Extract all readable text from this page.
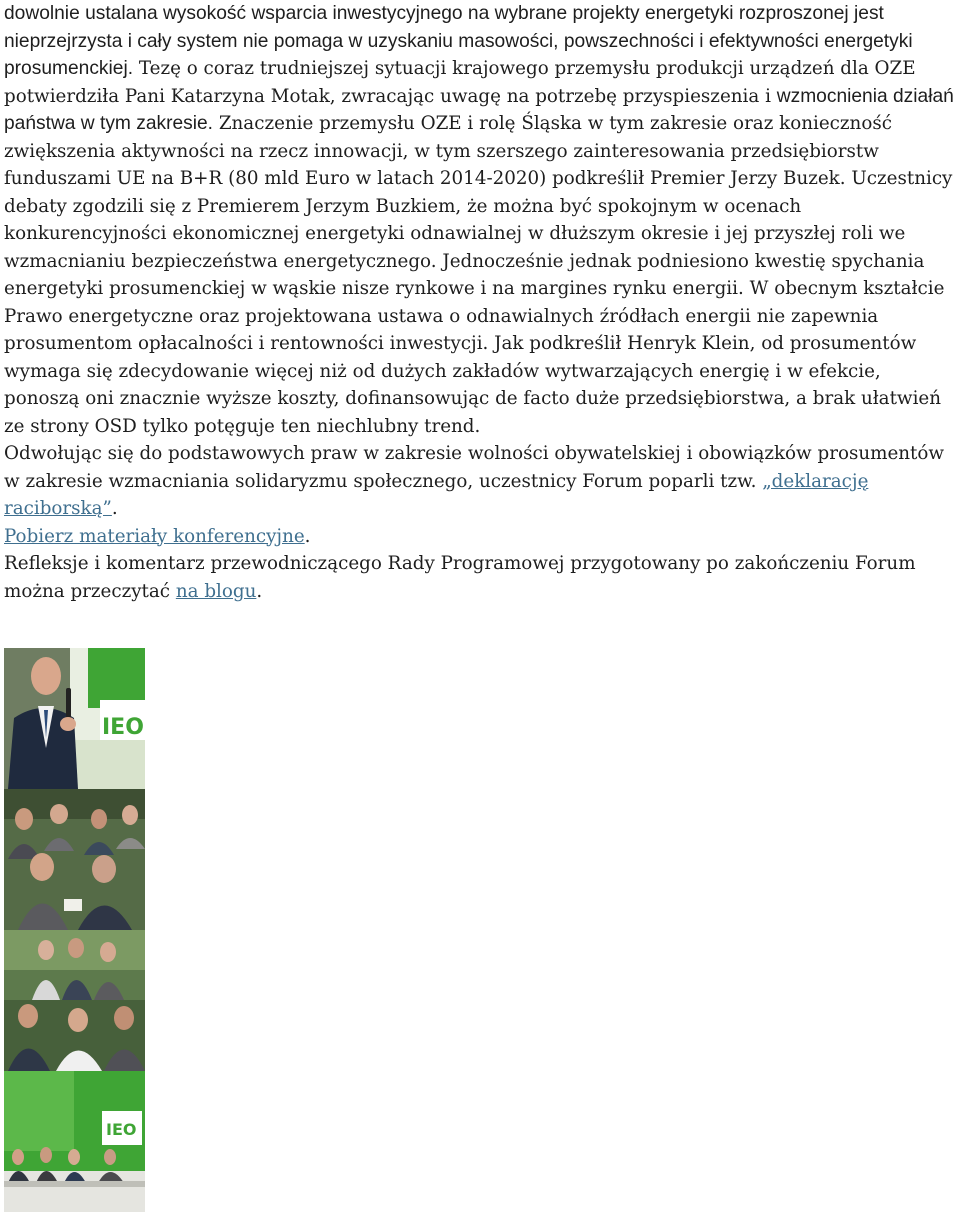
dowolnie ustalana wysokość wsparcia inwestycyjnego na wybrane projekty energetyki rozproszonej jest nieprzejrzysta i cały system nie pomaga w uzyskaniu masowości, powszechności i efektywności energetyki prosumenckiej. Tezę o coraz trudniejszej sytuacji krajowego przemysłu produkcji urządzeń dla OZE potwierdziła Pani Katarzyna Motak, zwracając uwagę na potrzebę przyspieszenia i wzmocnienia działań państwa w tym zakresie. Znaczenie przemysłu OZE i rolę Śląska w tym zakresie oraz konieczność zwiększenia aktywności na rzecz innowacji, w tym szerszego zainteresowania przedsiębiorstw funduszami UE na B+R (80 mld Euro w latach 2014-2020) podkreślił Premier Jerzy Buzek. Uczestnicy debaty zgodzili się z Premierem Jerzym Buzkiem, że można być spokojnym w ocenach konkurencyjności ekonomicznej energetyki odnawialnej w dłuższym okresie i jej przyszłej roli we wzmacnianiu bezpieczeństwa energetycznego. Jednocześnie jednak podniesiono kwestię spychania energetyki prosumenckiej w wąskie nisze rynkowe i na margines rynku energii. W obecnym kształcie Prawo energetyczne oraz projektowana ustawa o odnawialnych źródłach energii nie zapewnia prosumentom opłacalności i rentowności inwestycji. Jak podkreślił Henryk Klein, od prosumentów wymaga się zdecydowanie więcej niż od dużych zakładów wytwarzających energię i w efekcie, ponoszą oni znacznie wyższe koszty, dofinansowując de facto duże przedsiębiorstwa, a brak ułatwień ze strony OSD tylko potęguje ten niechlubny trend.

Odwołując się do podstawowych praw w zakresie wolności obywatelskiej i obowiązków prosumentów w zakresie wzmacniania solidaryzmu społecznego, uczestnicy Forum poparli tzw. „deklarację raciborską”.

Pobierz materiały konferencyjne.

Refleksje i komentarz przewodniczącego Rady Programowej przygotowany po zakończeniu Forum można przeczytać na blogu.

IEO
IEO
